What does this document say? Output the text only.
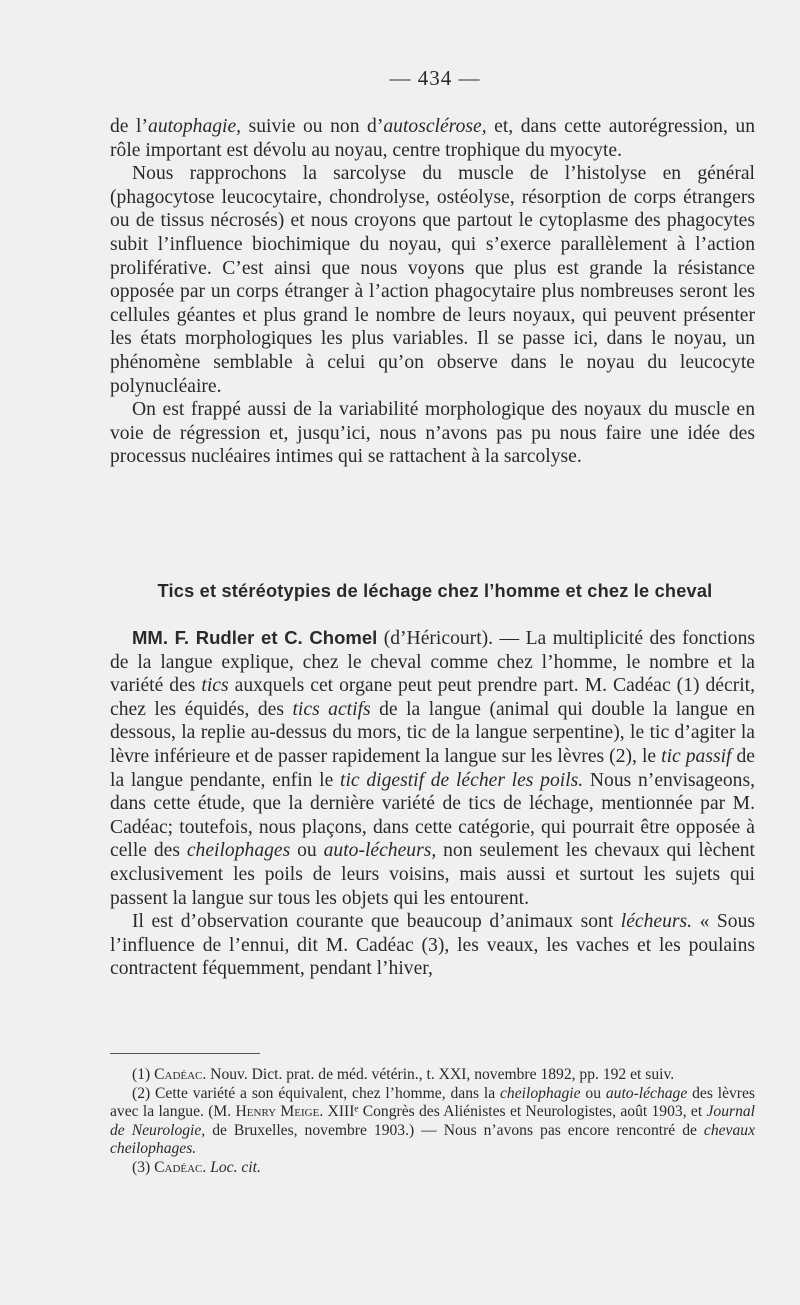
— 434 —

de l’autophagie, suivie ou non d’autosclérose, et, dans cette autorégression, un rôle important est dévolu au noyau, centre trophique du myocyte.

Nous rapprochons la sarcolyse du muscle de l’histolyse en général (phagocytose leucocytaire, chondrolyse, ostéolyse, résorption de corps étrangers ou de tissus nécrosés) et nous croyons que partout le cytoplasme des phagocytes subit l’influence biochimique du noyau, qui s’exerce parallèlement à l’action proliférative. C’est ainsi que nous voyons que plus est grande la résistance opposée par un corps étranger à l’action phagocytaire plus nombreuses seront les cellules géantes et plus grand le nombre de leurs noyaux, qui peuvent présenter les états morphologiques les plus variables. Il se passe ici, dans le noyau, un phénomène semblable à celui qu’on observe dans le noyau du leucocyte polynucléaire.

On est frappé aussi de la variabilité morphologique des noyaux du muscle en voie de régression et, jusqu’ici, nous n’avons pas pu nous faire une idée des processus nucléaires intimes qui se rattachent à la sarcolyse.

Tics et stéréotypies de léchage chez l’homme et chez le cheval

MM. F. Rudler et C. Chomel (d’Héricourt). — La multiplicité des fonctions de la langue explique, chez le cheval comme chez l’homme, le nombre et la variété des tics auxquels cet organe peut peut prendre part. M. Cadéac (1) décrit, chez les équidés, des tics actifs de la langue (animal qui double la langue en dessous, la replie au-dessus du mors, tic de la langue serpentine), le tic d’agiter la lèvre inférieure et de passer rapidement la langue sur les lèvres (2), le tic passif de la langue pendante, enfin le tic digestif de lécher les poils. Nous n’envisageons, dans cette étude, que la dernière variété de tics de léchage, mentionnée par M. Cadéac; toutefois, nous plaçons, dans cette catégorie, qui pourrait être opposée à celle des cheilophages ou auto-lécheurs, non seulement les chevaux qui lèchent exclusivement les poils de leurs voisins, mais aussi et surtout les sujets qui passent la langue sur tous les objets qui les entourent.

Il est d’observation courante que beaucoup d’animaux sont lécheurs. « Sous l’influence de l’ennui, dit M. Cadéac (3), les veaux, les vaches et les poulains contractent féquemment, pendant l’hiver,

(1) Cadéac. Nouv. Dict. prat. de méd. vétérin., t. XXI, novembre 1892, pp. 192 et suiv.

(2) Cette variété a son équivalent, chez l’homme, dans la cheilophagie ou auto-léchage des lèvres avec la langue. (M. Henry Meige. XIIIᵉ Congrès des Aliénistes et Neurologistes, août 1903, et Journal de Neurologie, de Bruxelles, novembre 1903.) — Nous n’avons pas encore rencontré de chevaux cheilophages.

(3) Cadéac. Loc. cit.
